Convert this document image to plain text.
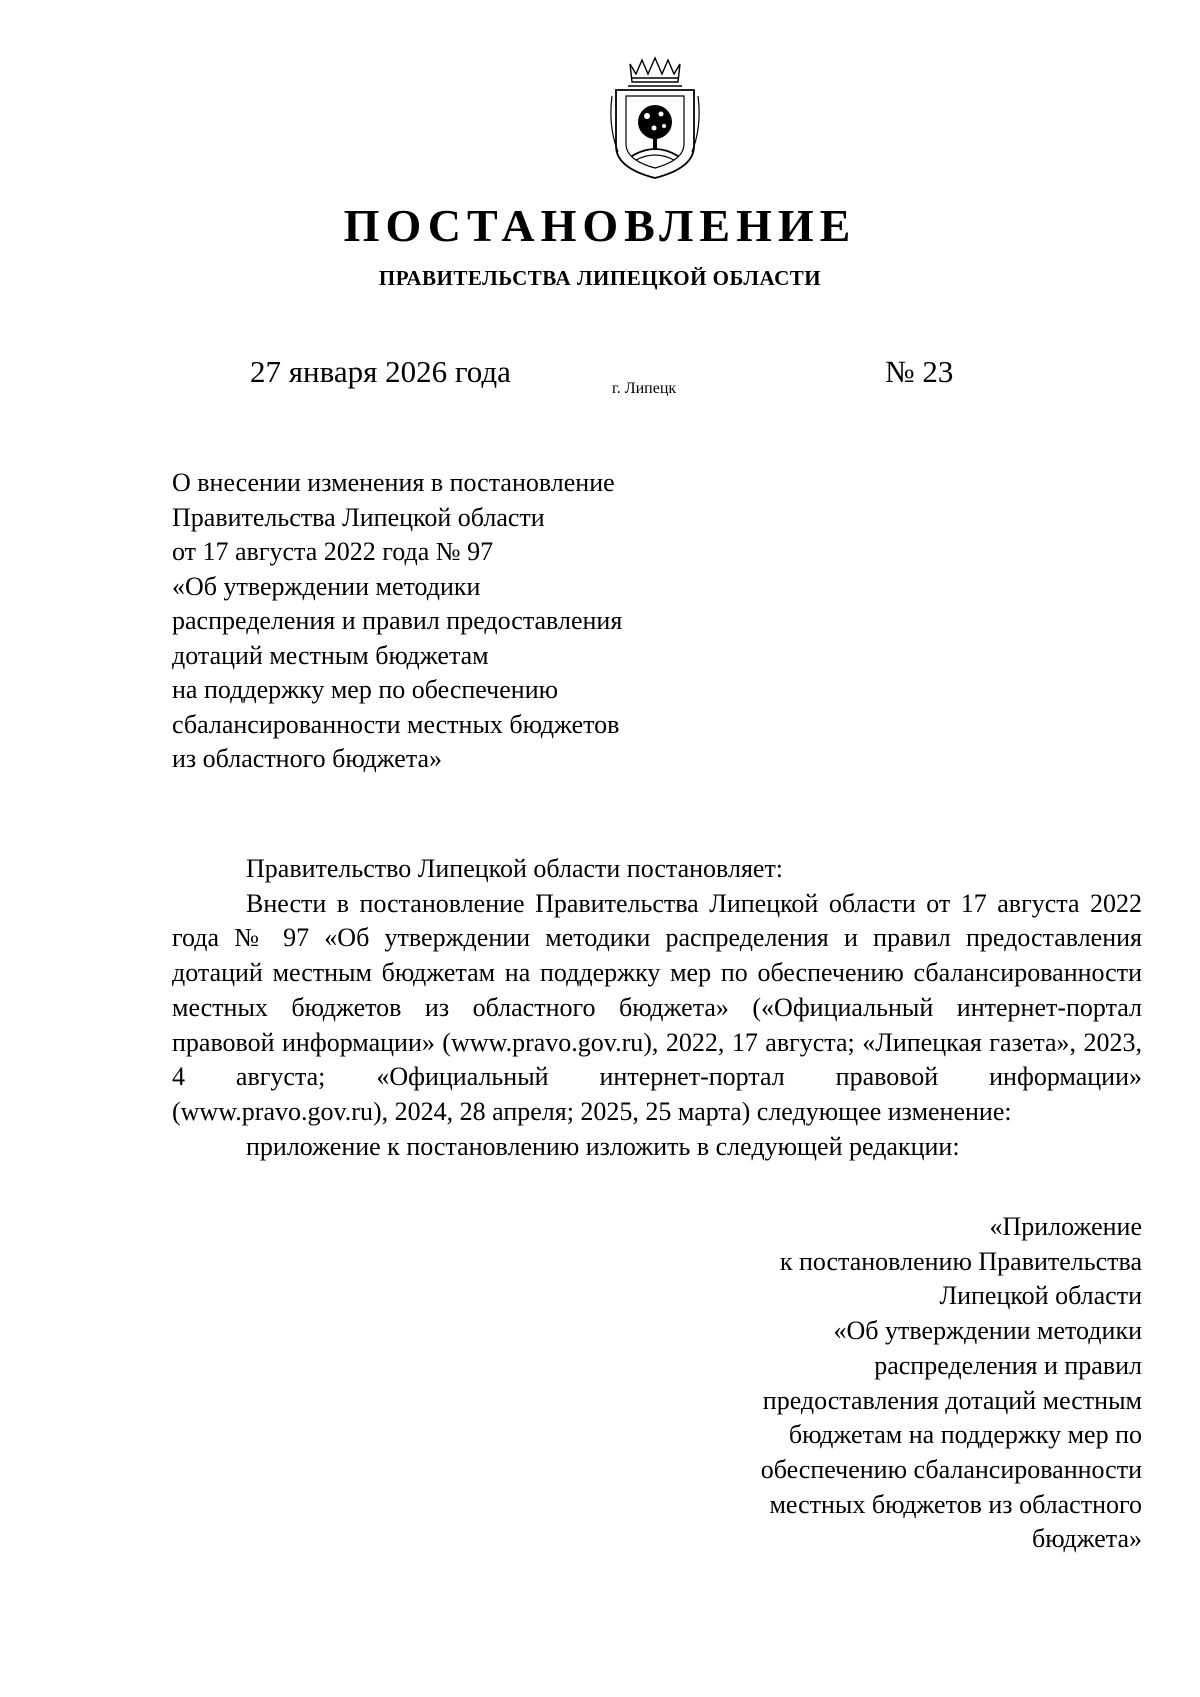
ПОСТАНОВЛЕНИЕ
ПРАВИТЕЛЬСТВА ЛИПЕЦКОЙ ОБЛАСТИ
27 января 2026 года	г. Липецк	№ 23
О внесении изменения в постановление
Правительства Липецкой области
от 17 августа 2022 года № 97
«Об утверждении методики
распределения и правил предоставления
дотаций местным бюджетам
на поддержку мер по обеспечению
сбалансированности местных бюджетов
из областного бюджета»

Правительство Липецкой области постановляет:

Внести в постановление Правительства Липецкой области от 17 августа 2022 года № 97 «Об утверждении методики распределения и правил предоставления дотаций местным бюджетам на поддержку мер по обеспечению сбалансированности местных бюджетов из областного бюджета» («Официальный интернет-портал правовой информации» (www.pravo.gov.ru), 2022, 17 августа; «Липецкая газета», 2023, 4 августа; «Официальный интернет-портал правовой информации» (www.pravo.gov.ru), 2024, 28 апреля; 2025, 25 марта) следующее изменение:

приложение к постановлению изложить в следующей редакции:

«Приложение
к постановлению Правительства
Липецкой области
«Об утверждении методики
распределения и правил
предоставления дотаций местным
бюджетам на поддержку мер по
обеспечению сбалансированности
местных бюджетов из областного
бюджета»
